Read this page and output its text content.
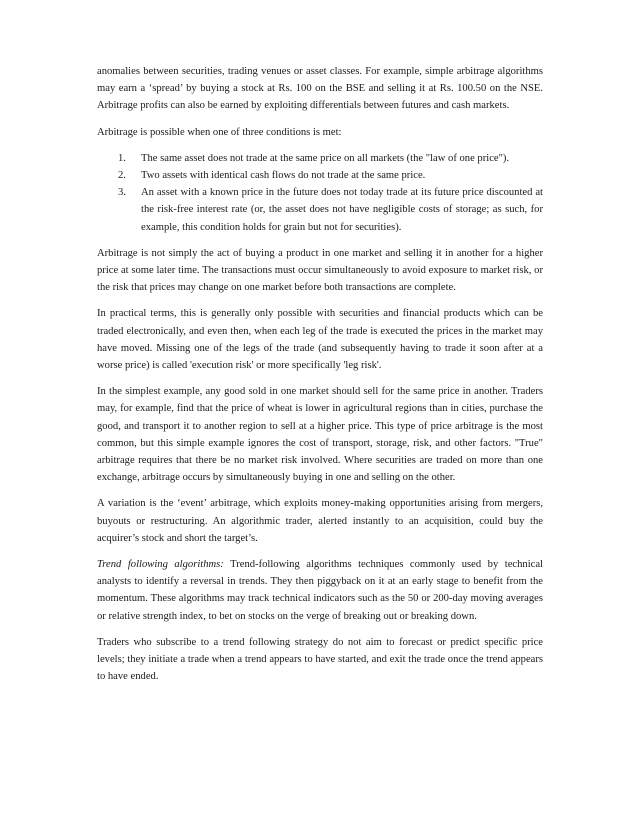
anomalies between securities, trading venues or asset classes. For example, simple arbitrage algorithms may earn a ‘spread’ by buying a stock at Rs. 100 on the BSE and selling it at Rs. 100.50 on the NSE. Arbitrage profits can also be earned by exploiting differentials between futures and cash markets.

Arbitrage is possible when one of three conditions is met:

1. The same asset does not trade at the same price on all markets (the "law of one price").
2. Two assets with identical cash flows do not trade at the same price.
3. An asset with a known price in the future does not today trade at its future price discounted at the risk-free interest rate (or, the asset does not have negligible costs of storage; as such, for example, this condition holds for grain but not for securities).

Arbitrage is not simply the act of buying a product in one market and selling it in another for a higher price at some later time. The transactions must occur simultaneously to avoid exposure to market risk, or the risk that prices may change on one market before both transactions are complete.

In practical terms, this is generally only possible with securities and financial products which can be traded electronically, and even then, when each leg of the trade is executed the prices in the market may have moved. Missing one of the legs of the trade (and subsequently having to trade it soon after at a worse price) is called 'execution risk' or more specifically 'leg risk'.

In the simplest example, any good sold in one market should sell for the same price in another. Traders may, for example, find that the price of wheat is lower in agricultural regions than in cities, purchase the good, and transport it to another region to sell at a higher price. This type of price arbitrage is the most common, but this simple example ignores the cost of transport, storage, risk, and other factors. "True" arbitrage requires that there be no market risk involved. Where securities are traded on more than one exchange, arbitrage occurs by simultaneously buying in one and selling on the other.

A variation is the ‘event’ arbitrage, which exploits money-making opportunities arising from mergers, buyouts or restructuring. An algorithmic trader, alerted instantly to an acquisition, could buy the acquirer’s stock and short the target’s.

Trend following algorithms: Trend-following algorithms techniques commonly used by technical analysts to identify a reversal in trends. They then piggyback on it at an early stage to benefit from the momentum. These algorithms may track technical indicators such as the 50 or 200-day moving averages or relative strength index, to bet on stocks on the verge of breaking out or breaking down.

Traders who subscribe to a trend following strategy do not aim to forecast or predict specific price levels; they initiate a trade when a trend appears to have started, and exit the trade once the trend appears to have ended.
